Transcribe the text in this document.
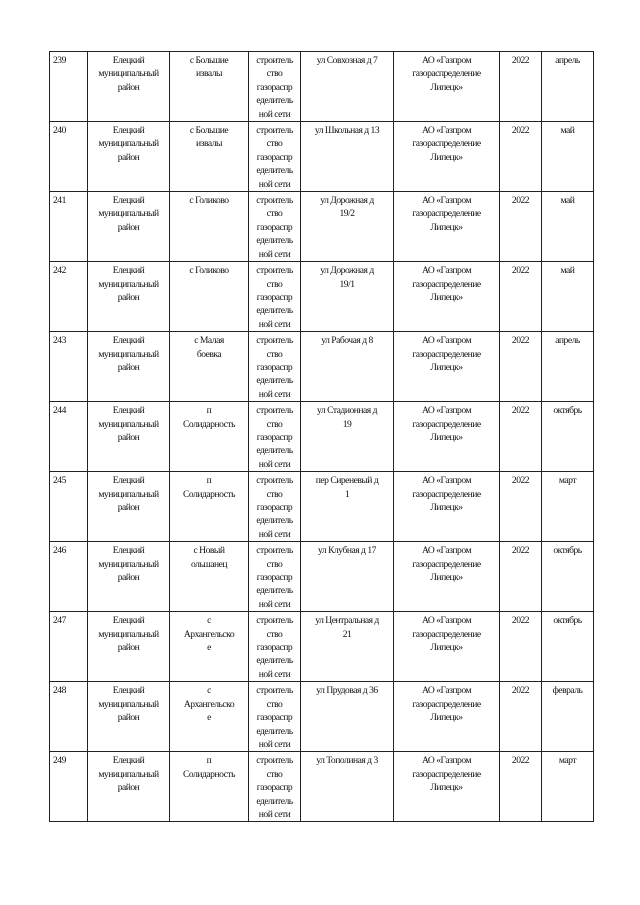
239	Елецкий
муниципальный
район	с Большие
извалы	строитель
ство
газораспр
еделитель
ной сети	ул Совхозная д 7	АО «Газпром
газораспределение
Липецк»	2022	апрель
240	Елецкий
муниципальный
район	с Большие
извалы	строитель
ство
газораспр
еделитель
ной сети	ул Школьная д 13	АО «Газпром
газораспределение
Липецк»	2022	май
241	Елецкий
муниципальный
район	с Голиково	строитель
ство
газораспр
еделитель
ной сети	ул Дорожная д
19/2	АО «Газпром
газораспределение
Липецк»	2022	май
242	Елецкий
муниципальный
район	с Голиково	строитель
ство
газораспр
еделитель
ной сети	ул Дорожная д
19/1	АО «Газпром
газораспределение
Липецк»	2022	май
243	Елецкий
муниципальный
район	с Малая
боевка	строитель
ство
газораспр
еделитель
ной сети	ул Рабочая д 8	АО «Газпром
газораспределение
Липецк»	2022	апрель
244	Елецкий
муниципальный
район	п
Солидарность	строитель
ство
газораспр
еделитель
ной сети	ул Стадионная д
19	АО «Газпром
газораспределение
Липецк»	2022	октябрь
245	Елецкий
муниципальный
район	п
Солидарность	строитель
ство
газораспр
еделитель
ной сети	пер Сиреневый д
1	АО «Газпром
газораспределение
Липецк»	2022	март
246	Елецкий
муниципальный
район	с Новый
ольшанец	строитель
ство
газораспр
еделитель
ной сети	ул Клубная д 17	АО «Газпром
газораспределение
Липецк»	2022	октябрь
247	Елецкий
муниципальный
район	с
Архангельско
е	строитель
ство
газораспр
еделитель
ной сети	ул Центральная д
21	АО «Газпром
газораспределение
Липецк»	2022	октябрь
248	Елецкий
муниципальный
район	с
Архангельско
е	строитель
ство
газораспр
еделитель
ной сети	ул Прудовая д 36	АО «Газпром
газораспределение
Липецк»	2022	февраль
249	Елецкий
муниципальный
район	п
Солидарность	строитель
ство
газораспр
еделитель
ной сети	ул Тополиная д 3	АО «Газпром
газораспределение
Липецк»	2022	март
